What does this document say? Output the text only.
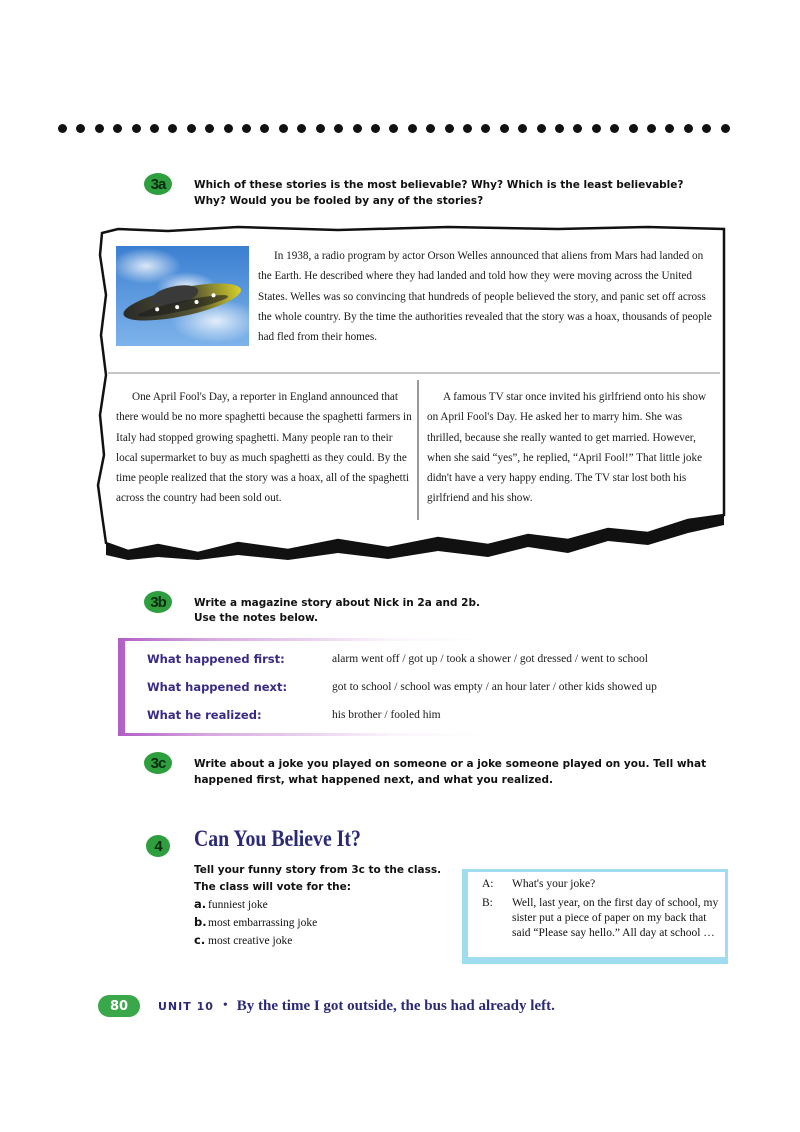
3a	Which of these stories is the most believable? Why? Which is the least believable? Why? Would you be fooled by any of the stories?
In 1938, a radio program by actor Orson Welles announced that aliens from Mars had landed on the Earth. He described where they had landed and told how they were moving across the United States. Welles was so convincing that hundreds of people believed the story, and panic set off across the whole country. By the time the authorities revealed that the story was a hoax, thousands of people had fled from their homes.
One April Fool's Day, a reporter in England announced that there would be no more spaghetti because the spaghetti farmers in Italy had stopped growing spaghetti. Many people ran to their local supermarket to buy as much spaghetti as they could. By the time people realized that the story was a hoax, all of the spaghetti across the country had been sold out.
A famous TV star once invited his girlfriend onto his show on April Fool's Day. He asked her to marry him. She was thrilled, because she really wanted to get married. However, when she said “yes”, he replied, “April Fool!” That little joke didn't have a very happy ending. The TV star lost both his girlfriend and his show.
3b	Write a magazine story about Nick in 2a and 2b.
Use the notes below.
What happened first:	alarm went off / got up / took a shower / got dressed / went to school
What happened next:	got to school / school was empty / an hour later / other kids showed up
What he realized:	his brother / fooled him
3c	Write about a joke you played on someone or a joke someone played on you. Tell what happened first, what happened next, and what you realized.
4	Can You Believe It?
Tell your funny story from 3c to the class. The class will vote for the:
a. funniest joke
b.most embarrassing joke
c. most creative joke
A:	What's your joke?
B:	Well, last year, on the first day of school, my sister put a piece of paper on my back that said “Please say hello.” All day at school …
80	UNIT 10 • By the time I got outside, the bus had already left.
